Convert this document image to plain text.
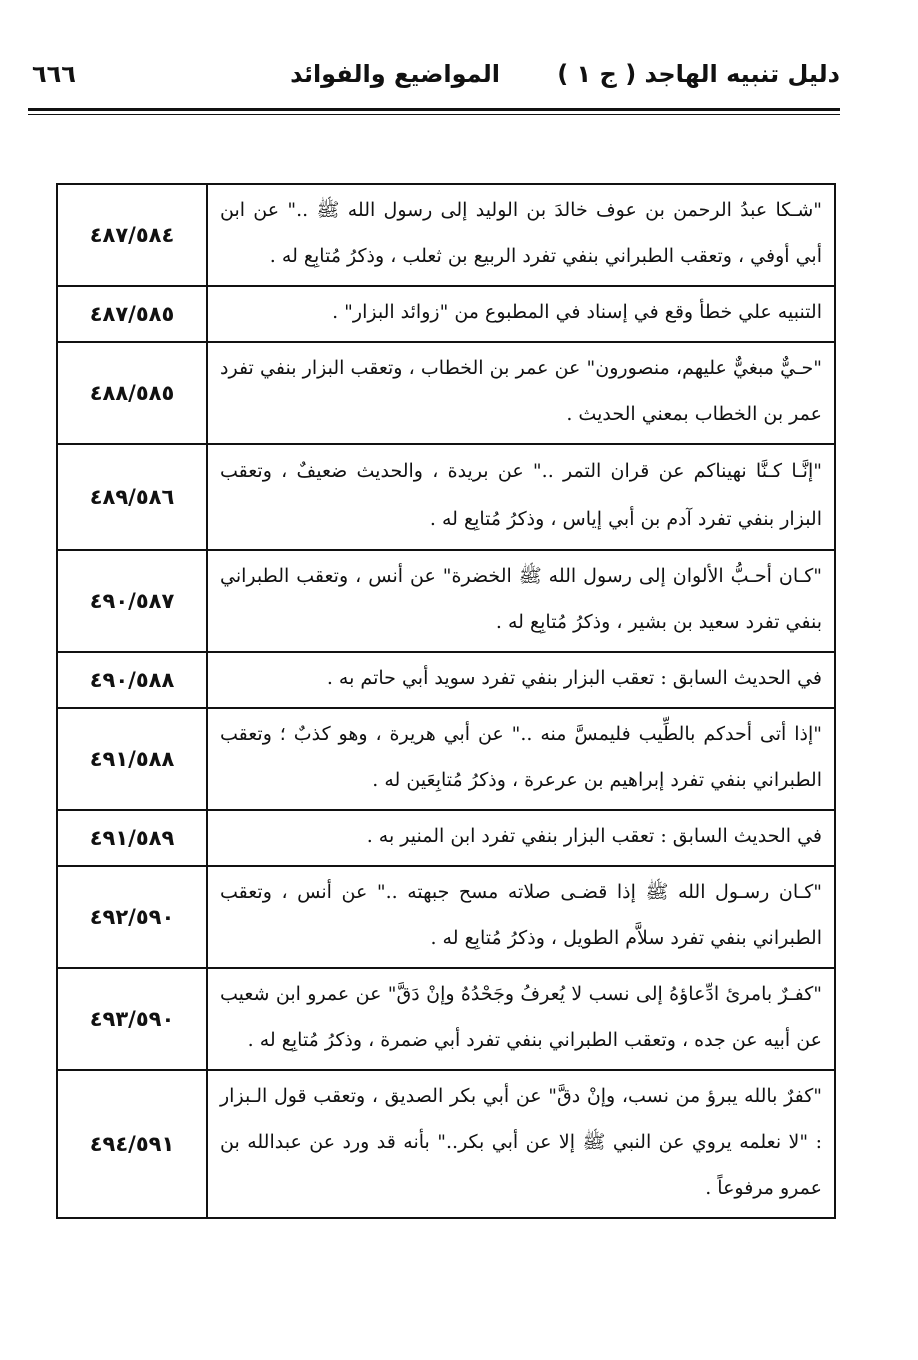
دليل تنبيه الهاجد ( ج ١ )
المواضيع والفوائد
٦٦٦
"شـكا عبدُ الرحمن بن عوف خالدَ بن الوليد إلى رسول الله ﷺ .." عن ابن أبي أوفي ، وتعقب الطبراني بنفي تفرد الربيع بن ثعلب ، وذكرُ مُتابِع له .	٤٨٧/٥٨٤
التنبيه علي خطأ وقع في إسناد في المطبوع من "زوائد البزار" .	٤٨٧/٥٨٥
"حـيٌّ مبغيٌّ عليهم، منصورون" عن عمر بن الخطاب ، وتعقب البزار بنفي تفرد عمر بن الخطاب بمعني الحديث .	٤٨٨/٥٨٥
"إنَّـا كـنَّا نهيناكم عن قران التمر .." عن بريدة ، والحديث ضعيفٌ ، وتعقب البزار بنفي تفرد آدم بن أبي إياس ، وذكرُ مُتابِع له .	٤٨٩/٥٨٦
"كـان أحـبُّ الألوان إلى رسول الله ﷺ الخضرة" عن أنس ، وتعقب الطبراني بنفي تفرد سعيد بن بشير ، وذكرُ مُتابِع له .	٤٩٠/٥٨٧
في الحديث السابق : تعقب البزار بنفي تفرد سويد أبي حاتم به .	٤٩٠/٥٨٨
"إذا أتى أحدكم بالطِّيب فليمسَّ منه .." عن أبي هريرة ، وهو كذبٌ ؛ وتعقب الطبراني بنفي تفرد إبراهيم بن عرعرة ، وذكرُ مُتابِعَين له .	٤٩١/٥٨٨
في الحديث السابق : تعقب البزار بنفي تفرد ابن المنير به .	٤٩١/٥٨٩
"كـان رسـول الله ﷺ إذا قضـى صلاته مسح جبهته .." عن أنس ، وتعقب الطبراني بنفي تفرد سلاَّم الطويل ، وذكرُ مُتابِع له .	٤٩٢/٥٩٠
"كفـرٌ بامرئ ادِّعاؤهُ إلى نسب لا يُعرفُ وجَحْدُهُ وإنْ دَقَّ" عن عمرو ابن شعيب عن أبيه عن جده ، وتعقب الطبراني بنفي تفرد أبي ضمرة ، وذكرُ مُتابِع له .	٤٩٣/٥٩٠
"كفرٌ بالله يبرؤ من نسب، وإنْ دقَّ" عن أبي بكر الصديق ، وتعقب قول الـبزار : "لا نعلمه يروي عن النبي ﷺ إلا عن أبي بكر.." بأنه قد ورد عن عبدالله بن عمرو مرفوعاً .	٤٩٤/٥٩١
